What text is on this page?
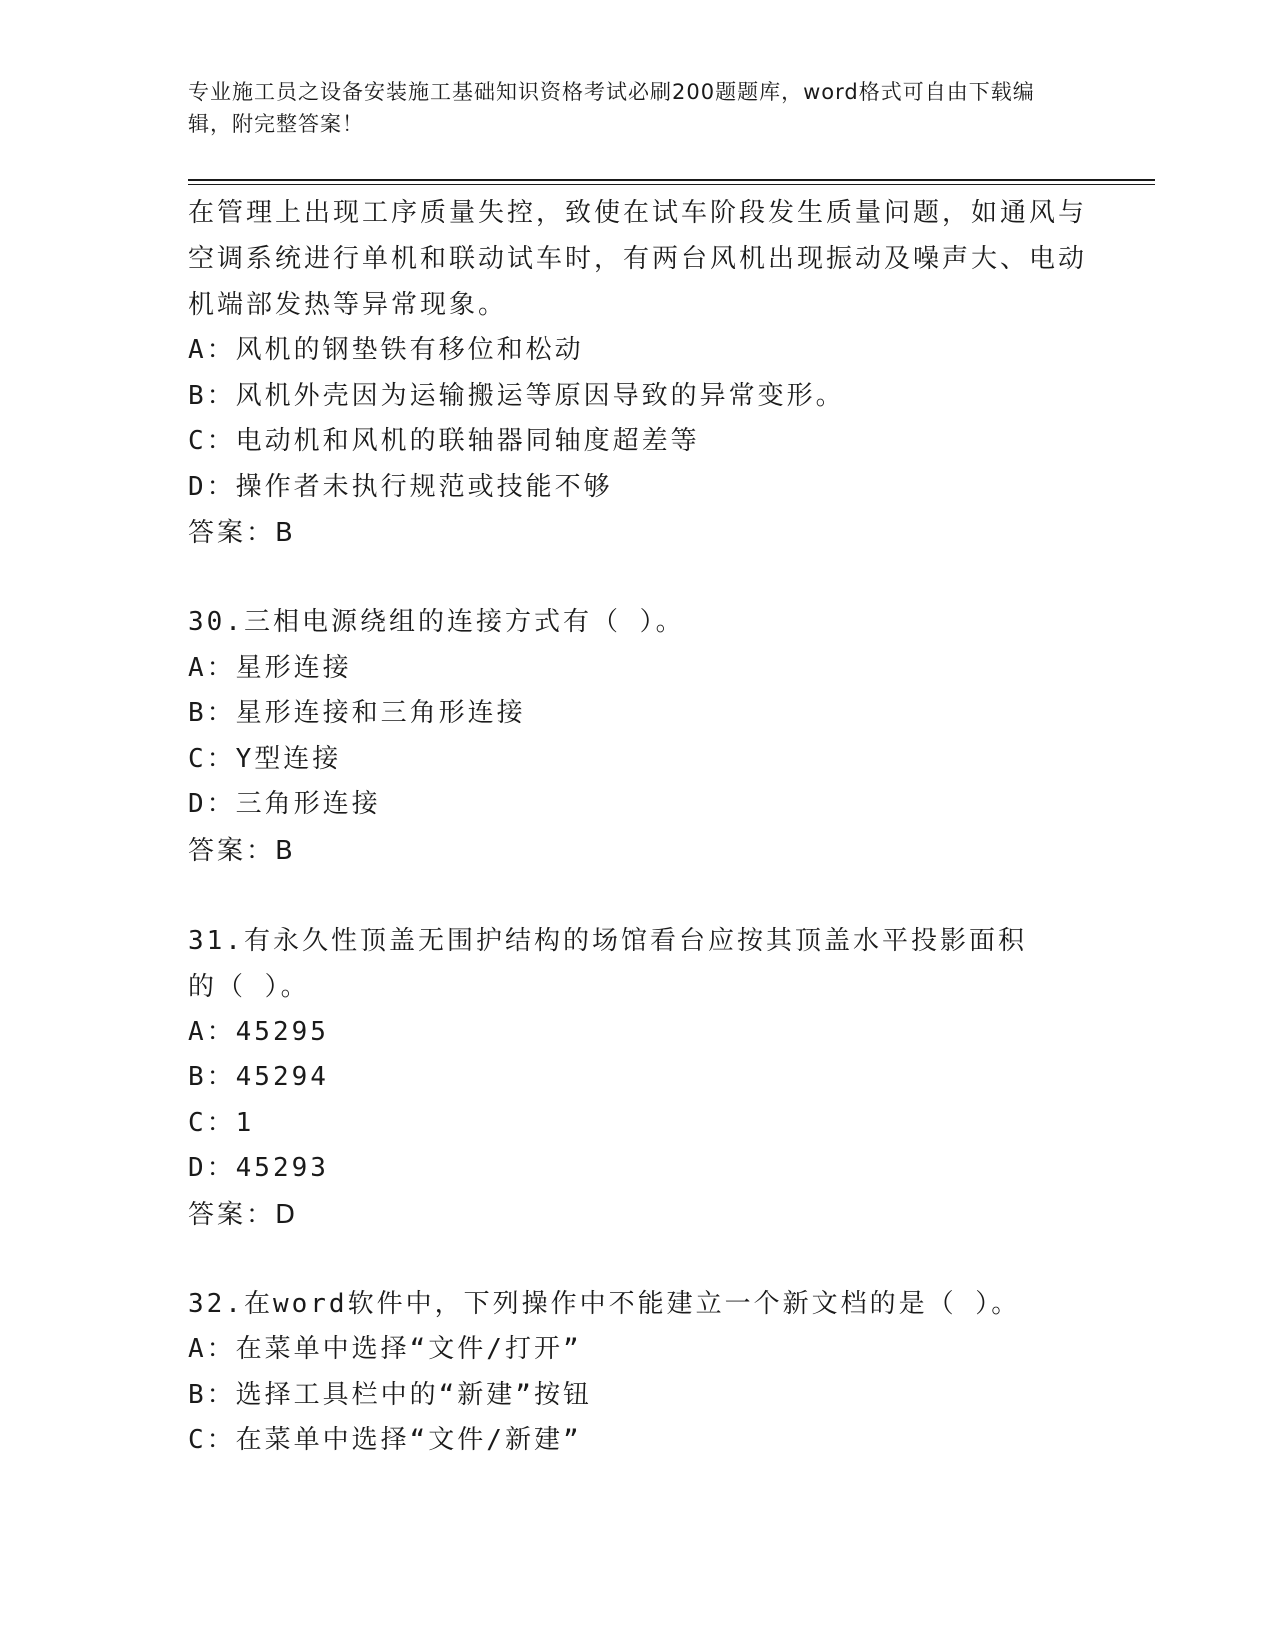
专业施工员之设备安装施工基础知识资格考试必刷200题题库，word格式可自由下载编辑，附完整答案！

在管理上出现工序质量失控，致使在试车阶段发生质量问题，如通风与空调系统进行单机和联动试车时，有两台风机出现振动及噪声大、电动机端部发热等异常现象。

A：风机的钢垫铁有移位和松动

B：风机外壳因为运输搬运等原因导致的异常变形。

C：电动机和风机的联轴器同轴度超差等

D：操作者未执行规范或技能不够

答案：B

30.三相电源绕组的连接方式有（ ）。

A：星形连接

B：星形连接和三角形连接

C：Y型连接

D：三角形连接

答案：B

31.有永久性顶盖无围护结构的场馆看台应按其顶盖水平投影面积的（ ）。

A：45295

B：45294

C：1

D：45293

答案：D

32.在word软件中，下列操作中不能建立一个新文档的是（ ）。

A：在菜单中选择“文件/打开”

B：选择工具栏中的“新建”按钮

C：在菜单中选择“文件/新建”
